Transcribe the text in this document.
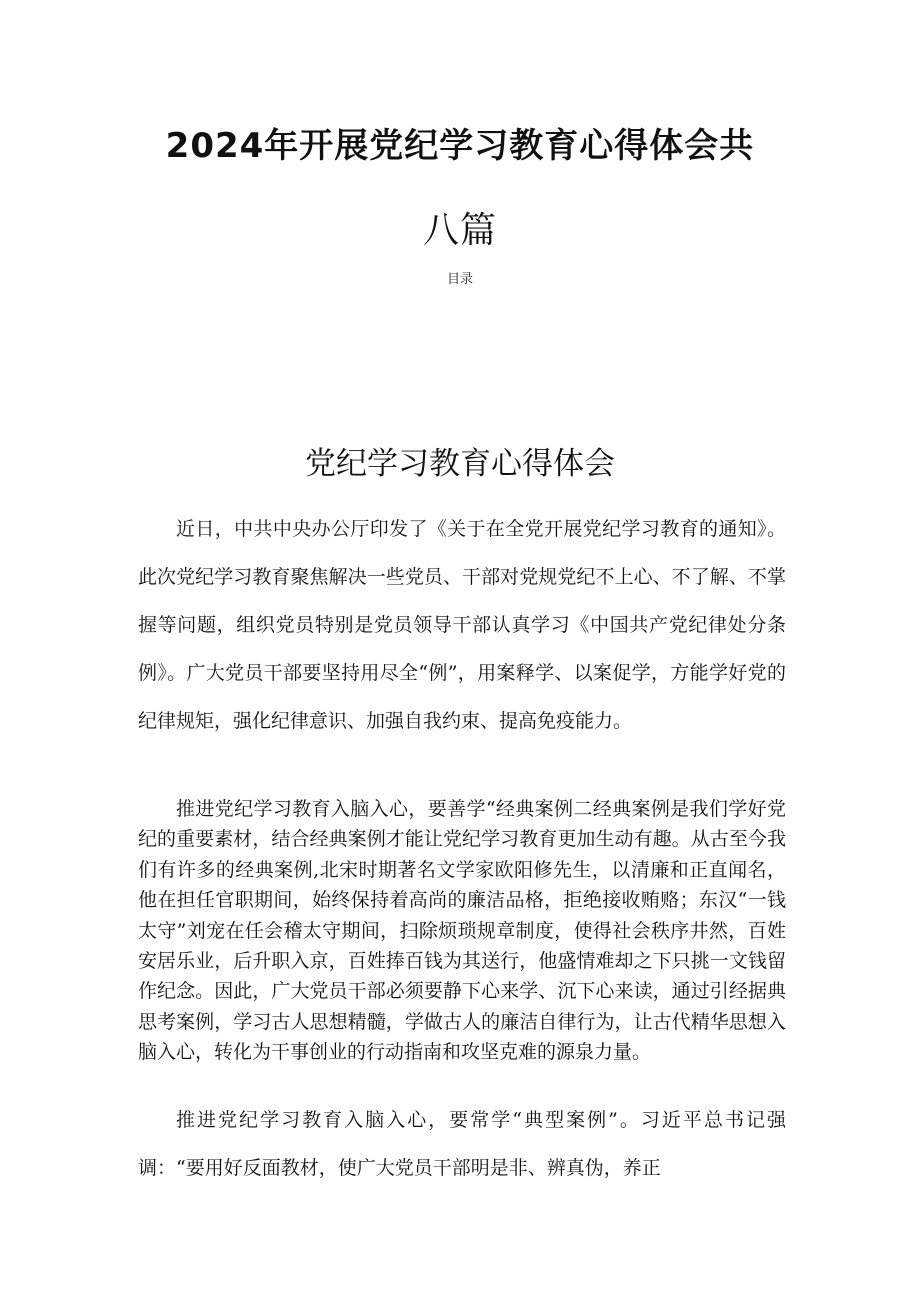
2024年开展党纪学习教育心得体会共
八篇
目录
党纪学习教育心得体会

近日，中共中央办公厅印发了《关于在全党开展党纪学习教育的通知》。此次党纪学习教育聚焦解决一些党员、干部对党规党纪不上心、不了解、不掌握等问题，组织党员特别是党员领导干部认真学习《中国共产党纪律处分条例》。广大党员干部要坚持用尽全“例”，用案释学、以案促学，方能学好党的纪律规矩，强化纪律意识、加强自我约束、提高免疫能力。

推进党纪学习教育入脑入心，要善学“经典案例二经典案例是我们学好党纪的重要素材，结合经典案例才能让党纪学习教育更加生动有趣。从古至今我们有许多的经典案例,北宋时期著名文学家欧阳修先生，以清廉和正直闻名，他在担任官职期间，始终保持着高尚的廉洁品格，拒绝接收贿赂；东汉“一钱太守”刘宠在任会稽太守期间，扫除烦琐规章制度，使得社会秩序井然，百姓安居乐业，后升职入京，百姓捧百钱为其送行，他盛情难却之下只挑一文钱留作纪念。因此，广大党员干部必须要静下心来学、沉下心来读，通过引经据典思考案例，学习古人思想精髓，学做古人的廉洁自律行为，让古代精华思想入脑入心，转化为干事创业的行动指南和攻坚克难的源泉力量。

推进党纪学习教育入脑入心，要常学“典型案例”。习近平总书记强调：“要用好反面教材，使广大党员干部明是非、辨真伪，养正
